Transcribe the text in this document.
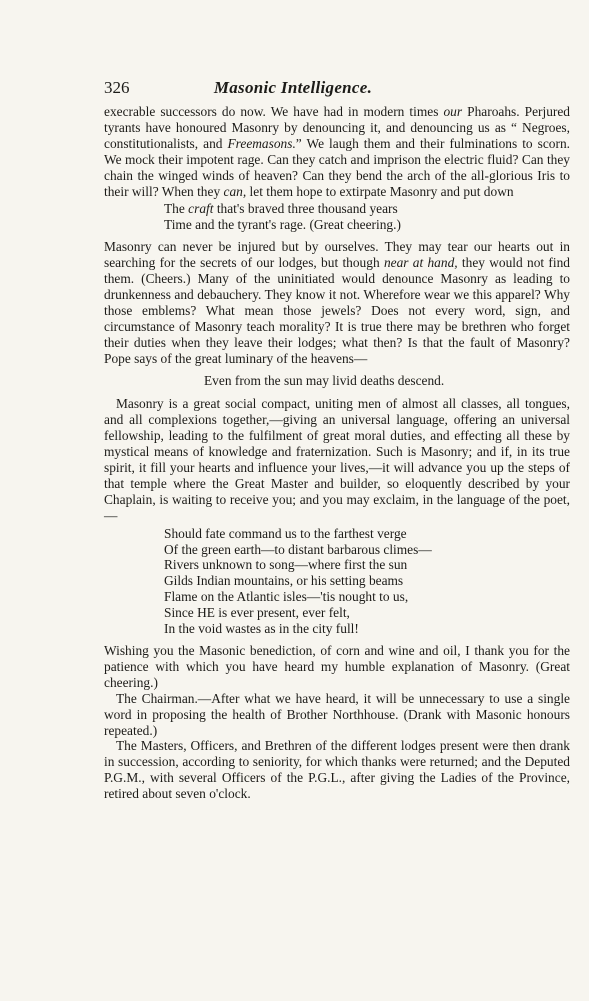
326	Masonic Intelligence.

execrable successors do now. We have had in modern times our Pharoahs. Perjured tyrants have honoured Masonry by denouncing it, and denouncing us as “ Negroes, constitutionalists, and Freemasons.” We laugh them and their fulminations to scorn. We mock their impotent rage. Can they catch and imprison the electric fluid? Can they chain the winged winds of heaven? Can they bend the arch of the all-glorious Iris to their will? When they can, let them hope to extirpate Masonry and put down

The craft that's braved three thousand years
Time and the tyrant's rage. (Great cheering.)

Masonry can never be injured but by ourselves. They may tear our hearts out in searching for the secrets of our lodges, but though near at hand, they would not find them. (Cheers.) Many of the uninitiated would denounce Masonry as leading to drunkenness and debauchery. They know it not. Wherefore wear we this apparel? Why those emblems? What mean those jewels? Does not every word, sign, and circumstance of Masonry teach morality? It is true there may be brethren who forget their duties when they leave their lodges; what then? Is that the fault of Masonry? Pope says of the great luminary of the heavens—

Even from the sun may livid deaths descend.

Masonry is a great social compact, uniting men of almost all classes, all tongues, and all complexions together,—giving an universal language, offering an universal fellowship, leading to the fulfilment of great moral duties, and effecting all these by mystical means of knowledge and fraternization. Such is Masonry; and if, in its true spirit, it fill your hearts and influence your lives,—it will advance you up the steps of that temple where the Great Master and builder, so eloquently described by your Chaplain, is waiting to receive you; and you may exclaim, in the language of the poet,—

Should fate command us to the farthest verge
Of the green earth—to distant barbarous climes—
Rivers unknown to song—where first the sun
Gilds Indian mountains, or his setting beams
Flame on the Atlantic isles—'tis nought to us,
Since HE is ever present, ever felt,
In the void wastes as in the city full!

Wishing you the Masonic benediction, of corn and wine and oil, I thank you for the patience with which you have heard my humble explanation of Masonry. (Great cheering.)

The Chairman.—After what we have heard, it will be unnecessary to use a single word in proposing the health of Brother Northhouse. (Drank with Masonic honours repeated.)

The Masters, Officers, and Brethren of the different lodges present were then drank in succession, according to seniority, for which thanks were returned; and the Deputed P.G.M., with several Officers of the P.G.L., after giving the Ladies of the Province, retired about seven o'clock.
